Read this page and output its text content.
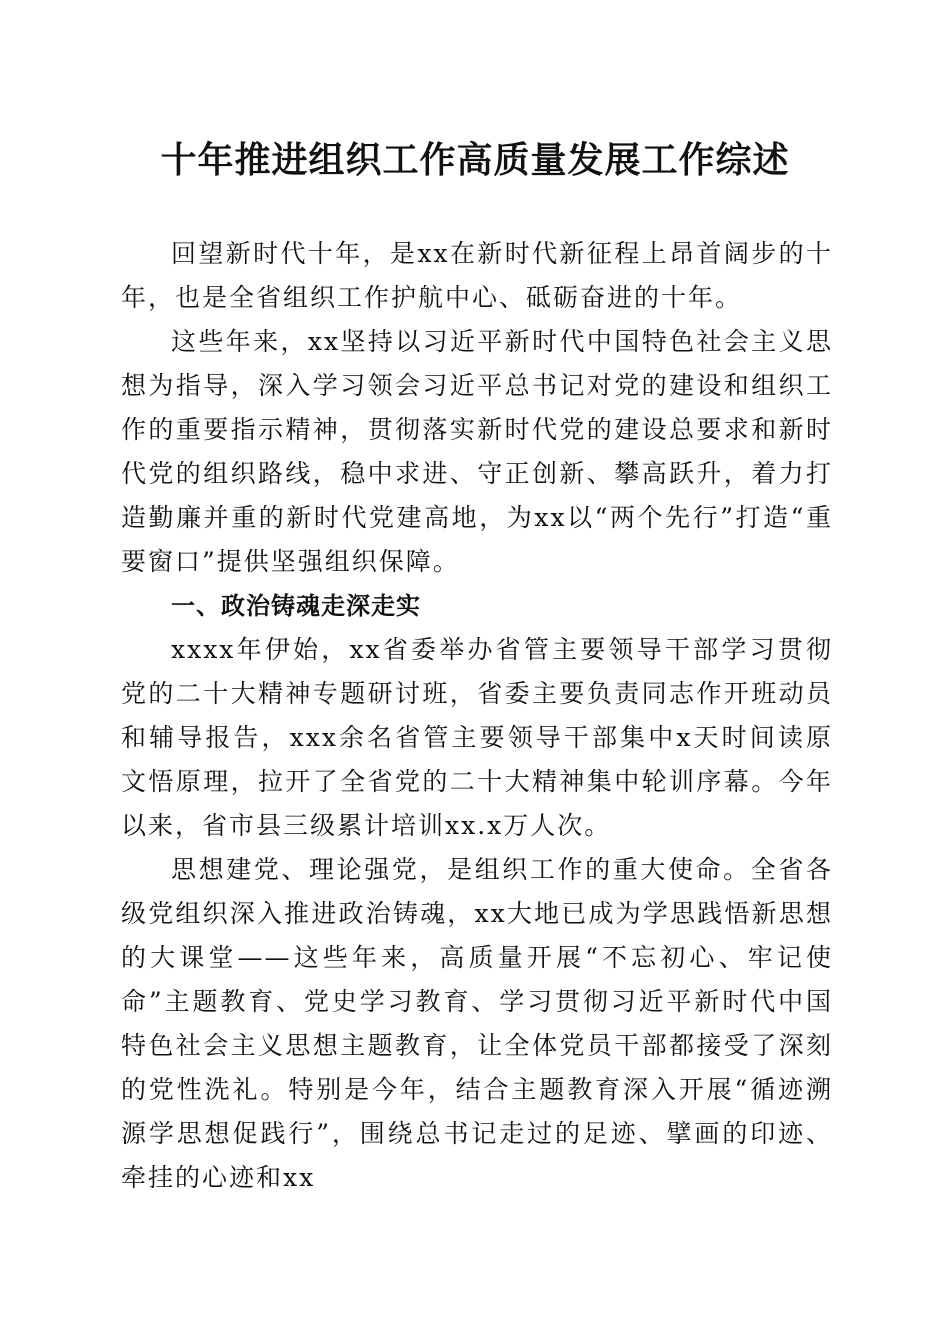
十年推进组织工作高质量发展工作综述

回望新时代十年，是xx在新时代新征程上昂首阔步的十年，也是全省组织工作护航中心、砥砺奋进的十年。

这些年来，xx坚持以习近平新时代中国特色社会主义思想为指导，深入学习领会习近平总书记对党的建设和组织工作的重要指示精神，贯彻落实新时代党的建设总要求和新时代党的组织路线，稳中求进、守正创新、攀高跃升，着力打造勤廉并重的新时代党建高地，为xx以“两个先行”打造“重要窗口”提供坚强组织保障。

一、政治铸魂走深走实

xxxx年伊始，xx省委举办省管主要领导干部学习贯彻党的二十大精神专题研讨班，省委主要负责同志作开班动员和辅导报告，xxx余名省管主要领导干部集中x天时间读原文悟原理，拉开了全省党的二十大精神集中轮训序幕。今年以来，省市县三级累计培训xx.x万人次。

思想建党、理论强党，是组织工作的重大使命。全省各级党组织深入推进政治铸魂，xx大地已成为学思践悟新思想的大课堂——这些年来，高质量开展“不忘初心、牢记使命”主题教育、党史学习教育、学习贯彻习近平新时代中国特色社会主义思想主题教育，让全体党员干部都接受了深刻的党性洗礼。特别是今年，结合主题教育深入开展“循迹溯源学思想促践行”，围绕总书记走过的足迹、擘画的印迹、牵挂的心迹和xx
